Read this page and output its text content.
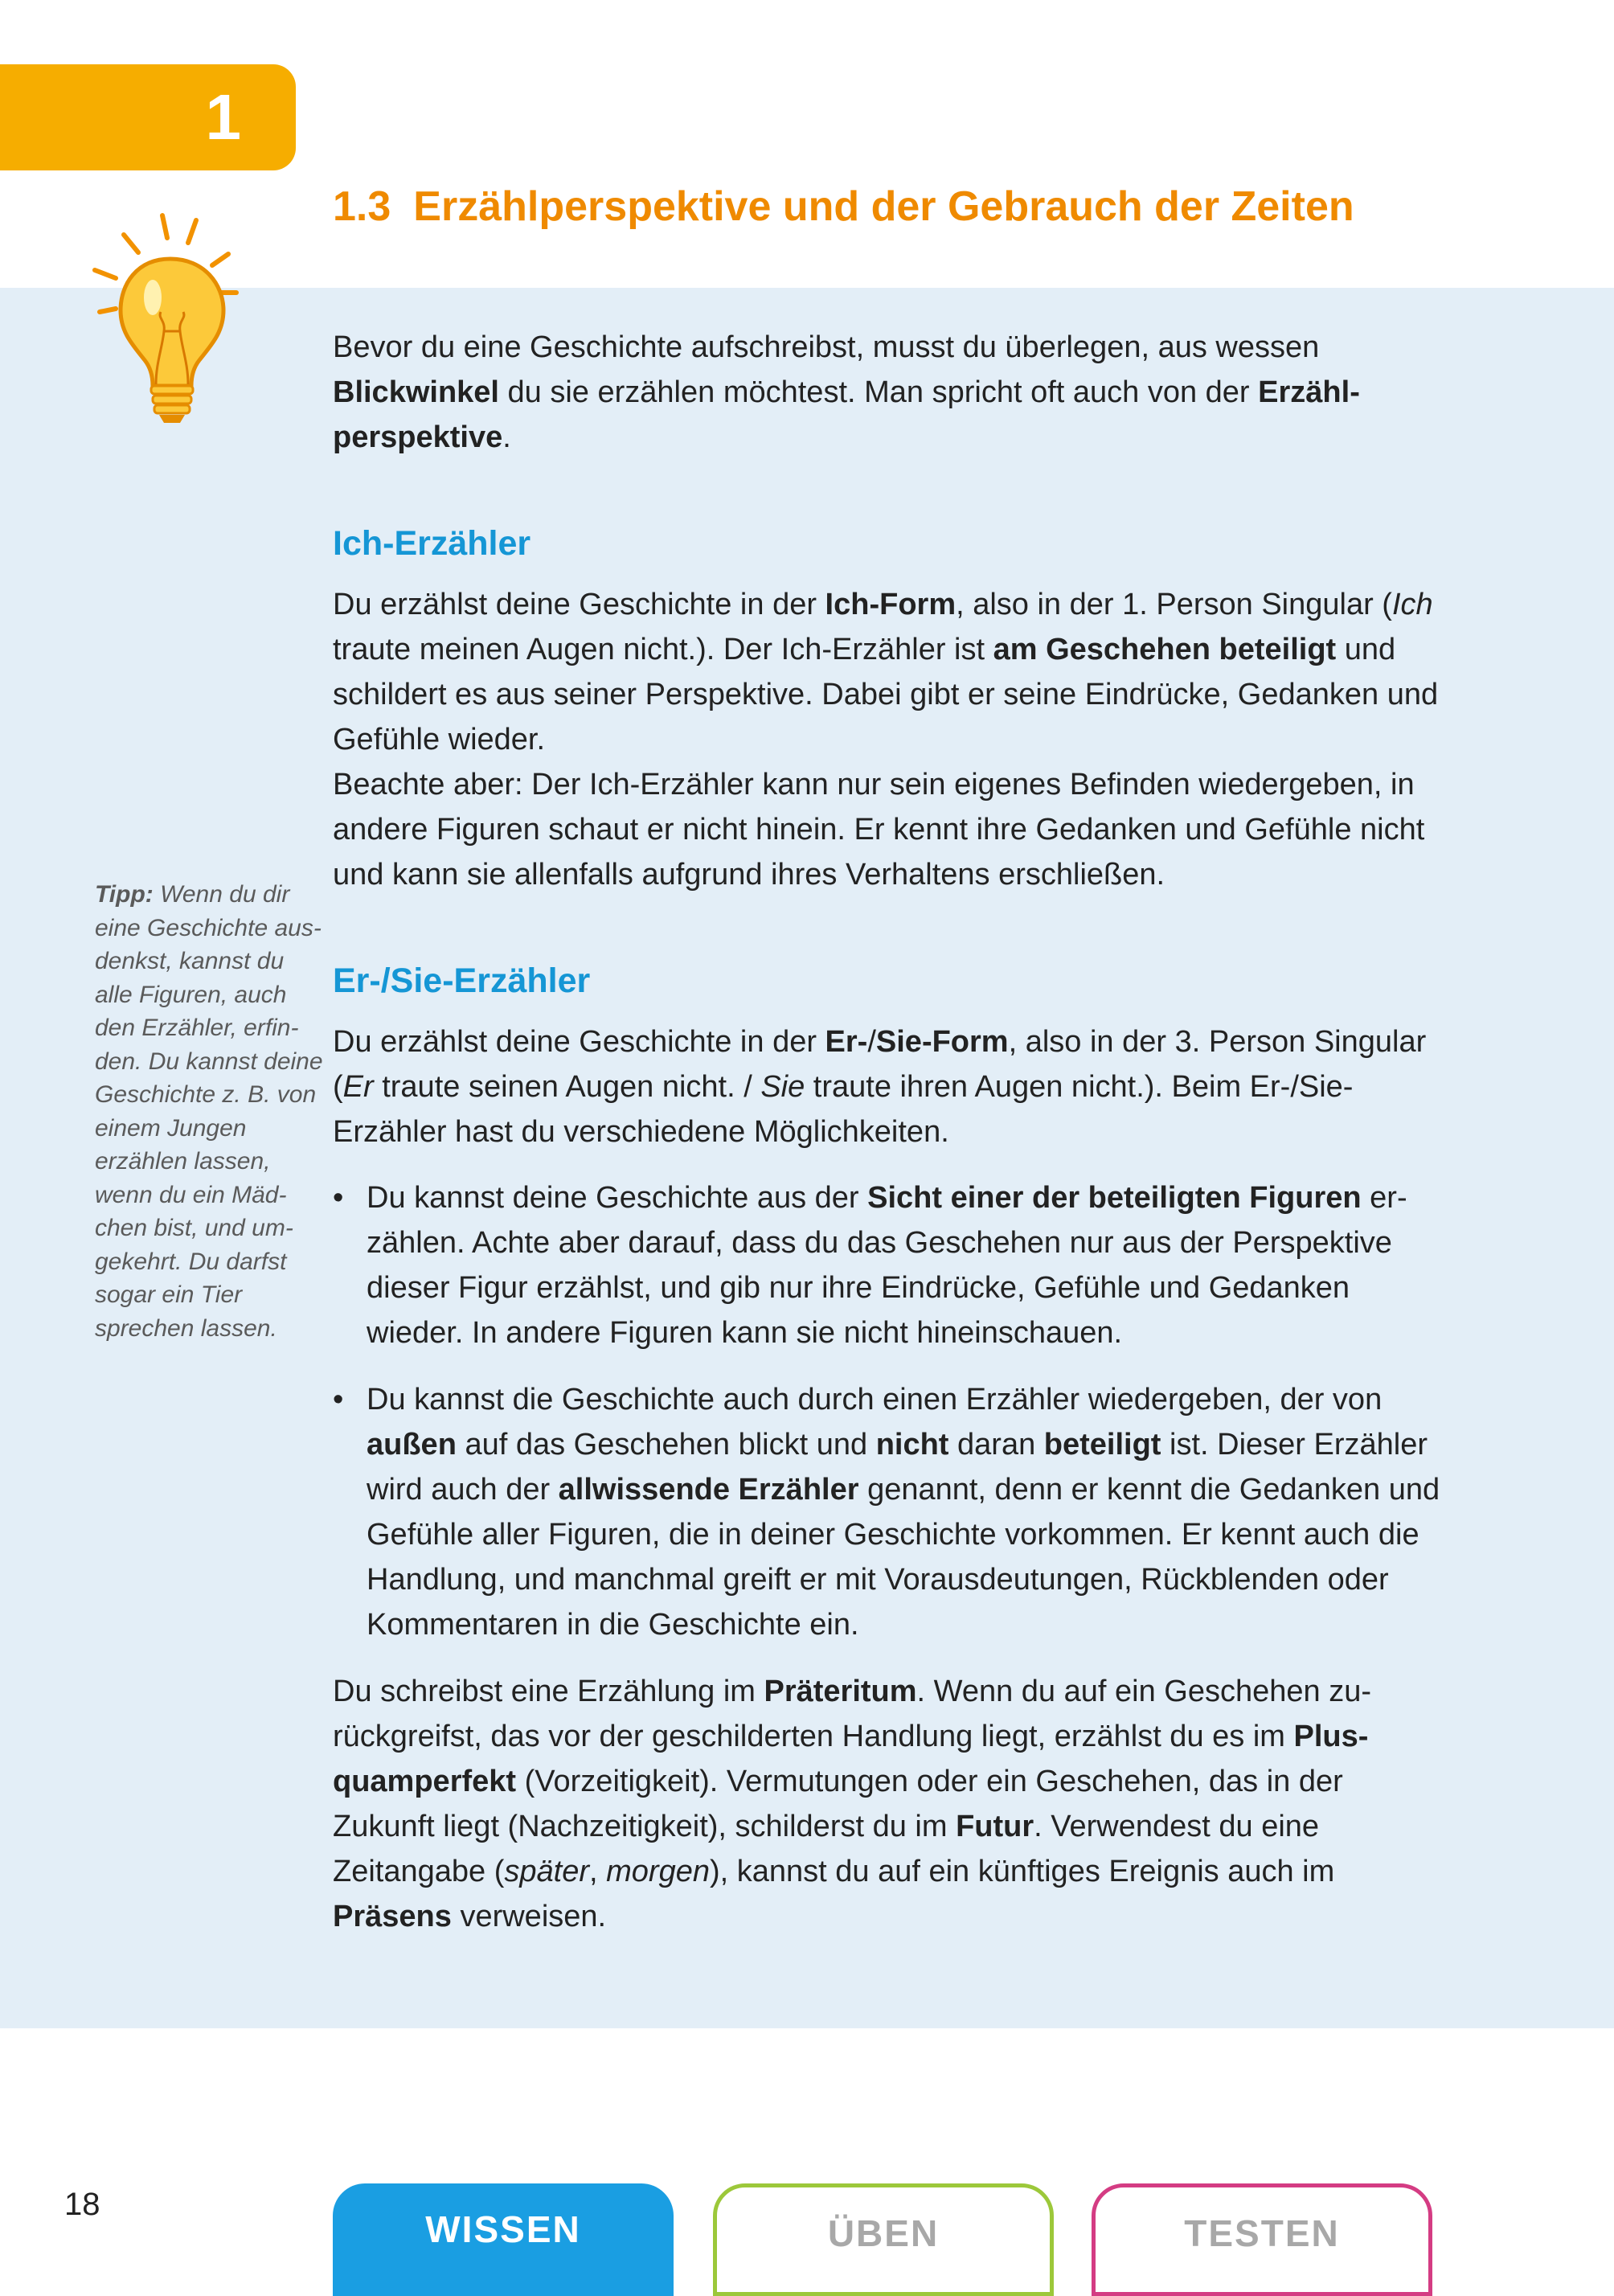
1
1.3 Erzählperspektive und der Gebrauch der Zeiten
Tipp: Wenn du dir eine Geschichte ausdenkst, kannst du alle Figuren, auch den Erzähler, erfinden. Du kannst deine Geschichte z. B. von einem Jungen erzählen lassen, wenn du ein Mädchen bist, und umgekehrt. Du darfst sogar ein Tier sprechen lassen.

Bevor du eine Geschichte aufschreibst, musst du überlegen, aus wessen Blickwinkel du sie erzählen möchtest. Man spricht oft auch von der Erzählperspektive.

Ich-Erzähler

Du erzählst deine Geschichte in der Ich-Form, also in der 1. Person Singular (Ich traute meinen Augen nicht.). Der Ich-Erzähler ist am Geschehen beteiligt und schildert es aus seiner Perspektive. Dabei gibt er seine Eindrücke, Gedanken und Gefühle wieder.

Beachte aber: Der Ich-Erzähler kann nur sein eigenes Befinden wiedergeben, in andere Figuren schaut er nicht hinein. Er kennt ihre Gedanken und Gefühle nicht und kann sie allenfalls aufgrund ihres Verhaltens erschließen.

Er-/Sie-Erzähler

Du erzählst deine Geschichte in der Er-/Sie-Form, also in der 3. Person Singular (Er traute seinen Augen nicht. / Sie traute ihren Augen nicht.). Beim Er-/Sie-Erzähler hast du verschiedene Möglichkeiten.

• Du kannst deine Geschichte aus der Sicht einer der beteiligten Figuren erzählen. Achte aber darauf, dass du das Geschehen nur aus der Perspektive dieser Figur erzählst, und gib nur ihre Eindrücke, Gefühle und Gedanken wieder. In andere Figuren kann sie nicht hineinschauen.
• Du kannst die Geschichte auch durch einen Erzähler wiedergeben, der von außen auf das Geschehen blickt und nicht daran beteiligt ist. Dieser Erzähler wird auch der allwissende Erzähler genannt, denn er kennt die Gedanken und Gefühle aller Figuren, die in deiner Geschichte vorkommen. Er kennt auch die Handlung, und manchmal greift er mit Vorausdeutungen, Rückblenden oder Kommentaren in die Geschichte ein.

Du schreibst eine Erzählung im Präteritum. Wenn du auf ein Geschehen zurückgreifst, das vor der geschilderten Handlung liegt, erzählst du es im Plusquamperfekt (Vorzeitigkeit). Vermutungen oder ein Geschehen, das in der Zukunft liegt (Nachzeitigkeit), schilderst du im Futur. Verwendest du eine Zeitangabe (später, morgen), kannst du auf ein künftiges Ereignis auch im Präsens verweisen.

18
WISSEN	ÜBEN	TESTEN
